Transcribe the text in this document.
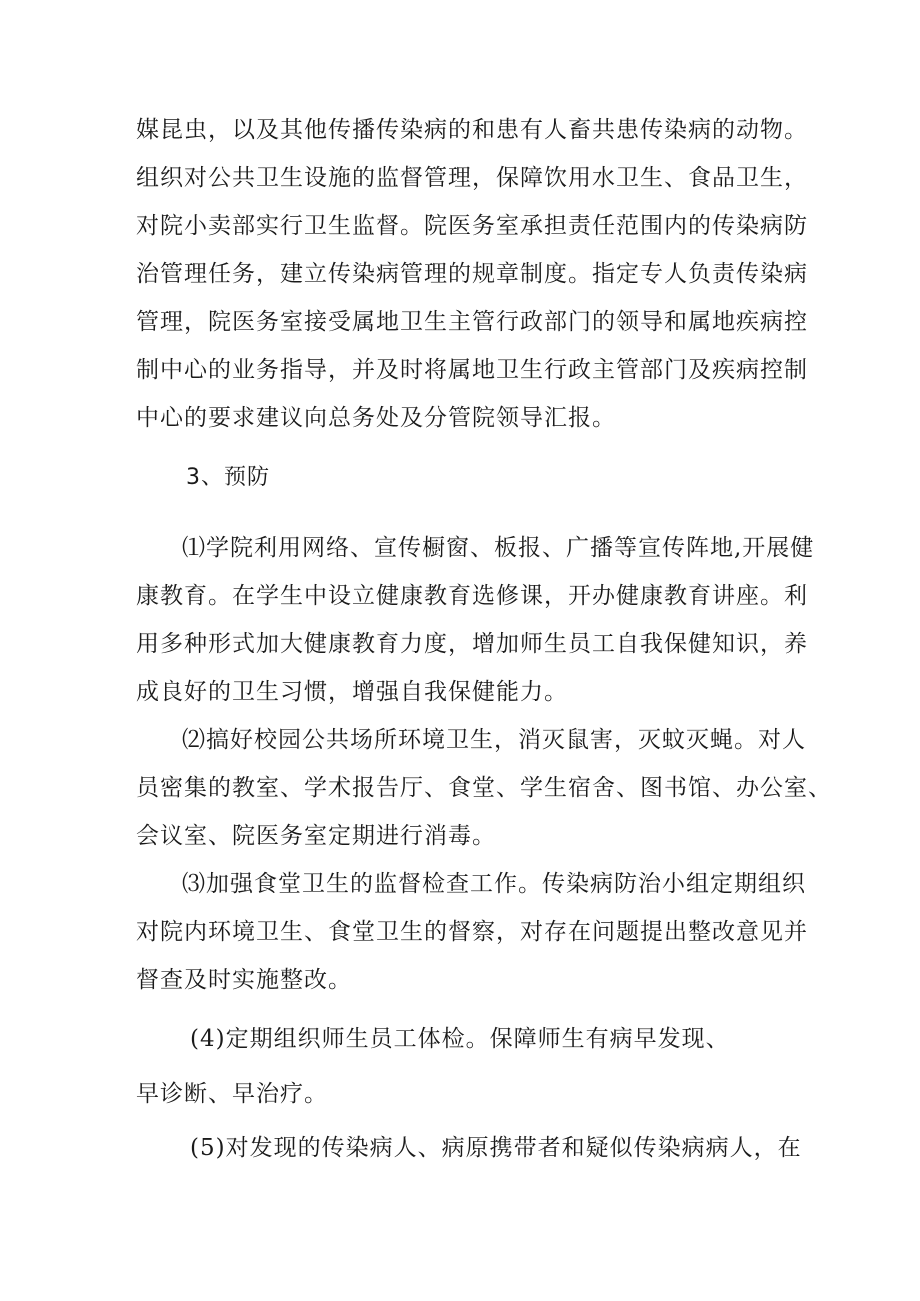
媒昆虫，以及其他传播传染病的和患有人畜共患传染病的动物。
组织对公共卫生设施的监督管理，保障饮用水卫生、食品卫生，
对院小卖部实行卫生监督。院医务室承担责任范围内的传染病防
治管理任务，建立传染病管理的规章制度。指定专人负责传染病
管理，院医务室接受属地卫生主管行政部门的领导和属地疾病控
制中心的业务指导，并及时将属地卫生行政主管部门及疾病控制
中心的要求建议向总务处及分管院领导汇报。
3、预防
⑴学院利用网络、宣传橱窗、板报、广播等宣传阵地,开展健
康教育。在学生中设立健康教育选修课，开办健康教育讲座。利
用多种形式加大健康教育力度，增加师生员工自我保健知识，养
成良好的卫生习惯，增强自我保健能力。
⑵搞好校园公共场所环境卫生，消灭鼠害，灭蚊灭蝇。对人
员密集的教室、学术报告厅、食堂、学生宿舍、图书馆、办公室、
会议室、院医务室定期进行消毒。
⑶加强食堂卫生的监督检查工作。传染病防治小组定期组织
对院内环境卫生、食堂卫生的督察，对存在问题提出整改意见并
督查及时实施整改。
(4)定期组织师生员工体检。保障师生有病早发现、
早诊断、早治疗。
(5)对发现的传染病人、病原携带者和疑似传染病病人，在
